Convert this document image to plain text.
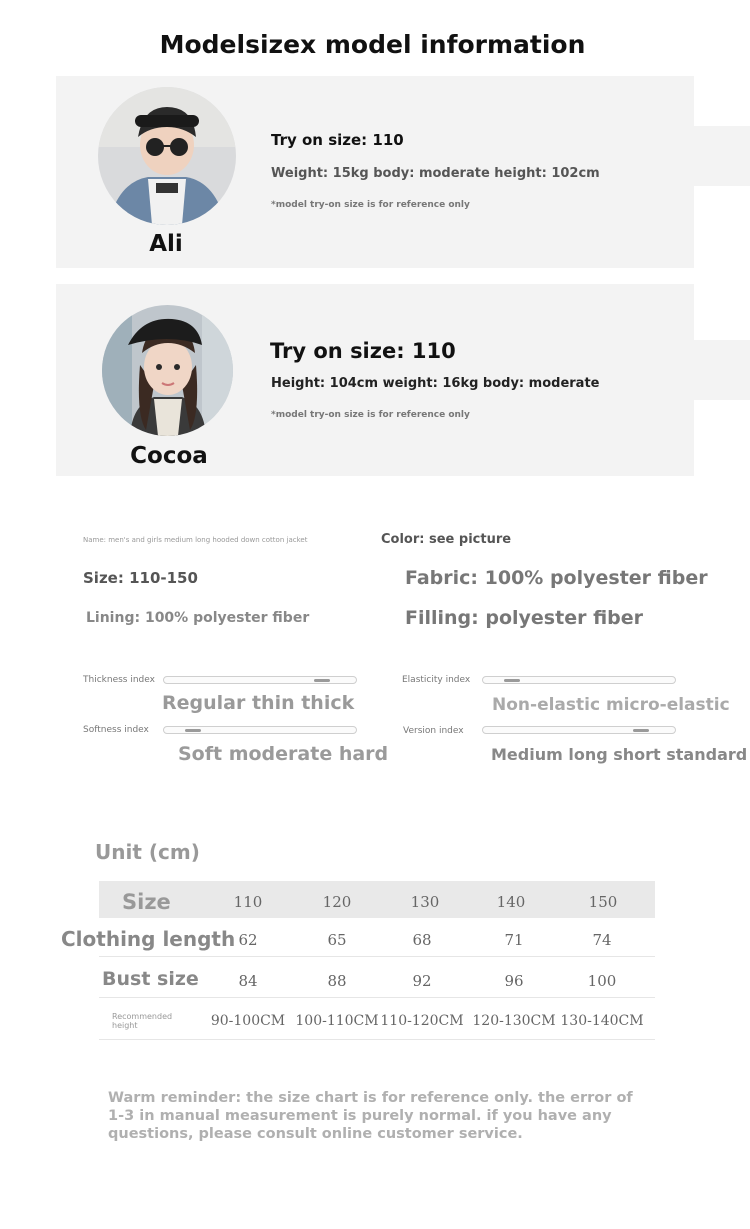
Modelsizex model information
Ali
Try on size: 110
Weight: 15kg body: moderate height: 102cm
*model try-on size is for reference only
Cocoa
Try on size: 110
Height: 104cm weight: 16kg body: moderate
*model try-on size is for reference only
Name: men's and girls medium long hooded down cotton jacket	Color: see picture
Size: 110-150	Fabric: 100% polyester fiber
Lining: 100% polyester fiber	Filling: polyester fiber
Thickness index
Regular thin thick
Elasticity index
Non-elastic micro-elastic
Softness index
Soft moderate hard
Version index
Medium long short standard
Unit (cm)
Size	110	120	130	140	150
Clothing length 62	65	68	71	74
Bust size	84	88	92	96	100
Recommended
height	90-100CM 100-110CM 110-120CM 120-130CM 130-140CM
Warm reminder: the size chart is for reference only. the error of
1-3 in manual measurement is purely normal. if you have any
questions, please consult online customer service.
